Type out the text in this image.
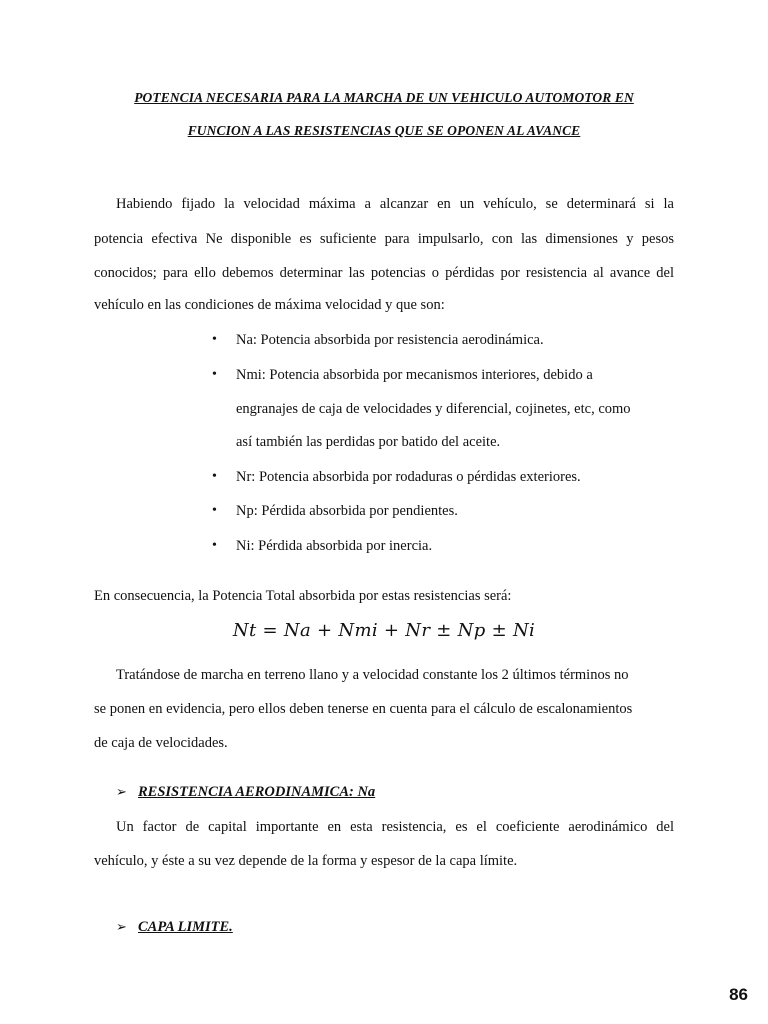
POTENCIA NECESARIA PARA LA MARCHA DE UN VEHICULO AUTOMOTOR EN
FUNCION A LAS RESISTENCIAS QUE SE OPONEN AL AVANCE
Habiendo fijado la velocidad máxima a alcanzar en un vehículo, se determinará si la
potencia efectiva Ne disponible es suficiente para impulsarlo, con las dimensiones y pesos
conocidos; para ello debemos determinar las potencias o pérdidas por resistencia al avance del
vehículo en las condiciones de máxima velocidad y que son:
• Na: Potencia absorbida por resistencia aerodinámica.
• Nmi: Potencia absorbida por mecanismos interiores, debido a
engranajes de caja de velocidades y diferencial, cojinetes, etc, como
así también las perdidas por batido del aceite.
• Nr: Potencia absorbida por rodaduras o pérdidas exteriores.
• Np: Pérdida absorbida por pendientes.
• Ni: Pérdida absorbida por inercia.
En consecuencia, la Potencia Total absorbida por estas resistencias será:
Nt = Na + Nmi + Nr ± Np ± Ni
Tratándose de marcha en terreno llano y a velocidad constante los 2 últimos términos no
se ponen en evidencia, pero ellos deben tenerse en cuenta para el cálculo de escalonamientos
de caja de velocidades.
➢ RESISTENCIA AERODINAMICA: Na
Un factor de capital importante en esta resistencia, es el coeficiente aerodinámico del
vehículo, y éste a su vez depende de la forma y espesor de la capa límite.
➢ CAPA LIMITE.
86
